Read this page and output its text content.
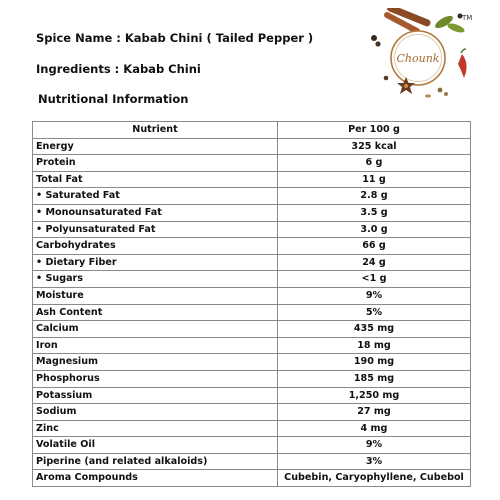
Spice Name : Kabab Chini ( Tailed Pepper )
Ingredients : Kabab Chini
Nutritional Information
Chounk
TM
Nutrient	Per 100 g
Energy	325 kcal
Protein	6 g
Total Fat	11 g
• Saturated Fat	2.8 g
• Monounsaturated Fat	3.5 g
• Polyunsaturated Fat	3.0 g
Carbohydrates	66 g
• Dietary Fiber	24 g
• Sugars	<1 g
Moisture	9%
Ash Content	5%
Calcium	435 mg
Iron	18 mg
Magnesium	190 mg
Phosphorus	185 mg
Potassium	1,250 mg
Sodium	27 mg
Zinc	4 mg
Volatile Oil	9%
Piperine (and related alkaloids)	3%
Aroma Compounds	Cubebin, Caryophyllene, Cubebol
